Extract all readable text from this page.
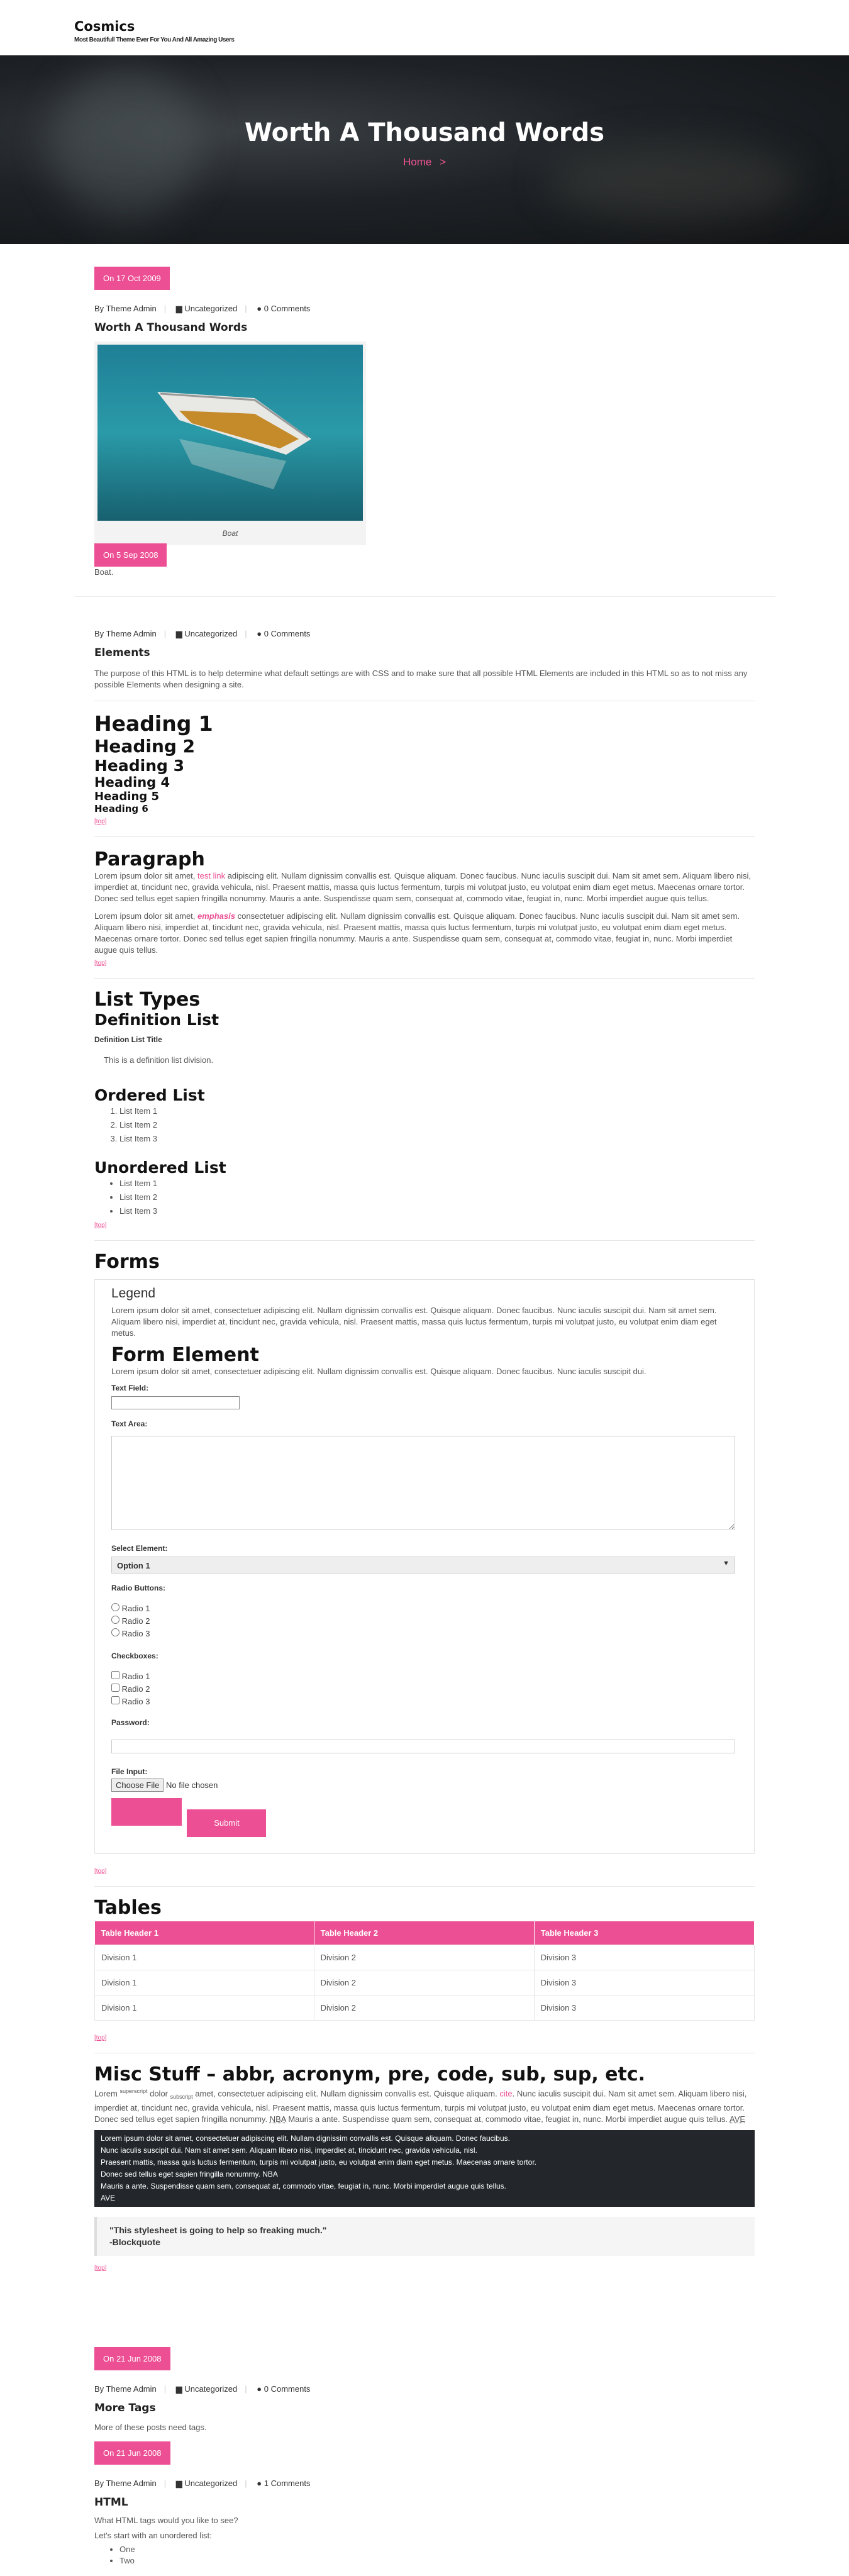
Cosmics
Most Beautifull Theme Ever For You And All Amazing Users
Worth A Thousand Words
Home >
On 17 Oct 2009
By Theme Admin | ▆ Uncategorized | ● 0 Comments
Worth A Thousand Words
Boat
On 5 Sep 2008
Boat.
By Theme Admin | ▆ Uncategorized | ● 0 Comments
Elements

The purpose of this HTML is to help determine what default settings are with CSS and to make sure that all possible HTML Elements are included in this HTML so as to not miss any possible Elements when designing a site.

Heading 1
Heading 2
Heading 3
Heading 4
Heading 5
Heading 6
[top]
Paragraph

Lorem ipsum dolor sit amet, test link adipiscing elit. Nullam dignissim convallis est. Quisque aliquam. Donec faucibus. Nunc iaculis suscipit dui. Nam sit amet sem. Aliquam libero nisi, imperdiet at, tincidunt nec, gravida vehicula, nisl. Praesent mattis, massa quis luctus fermentum, turpis mi volutpat justo, eu volutpat enim diam eget metus. Maecenas ornare tortor. Donec sed tellus eget sapien fringilla nonummy. Mauris a ante. Suspendisse quam sem, consequat at, commodo vitae, feugiat in, nunc. Morbi imperdiet augue quis tellus.

Lorem ipsum dolor sit amet, emphasis consectetuer adipiscing elit. Nullam dignissim convallis est. Quisque aliquam. Donec faucibus. Nunc iaculis suscipit dui. Nam sit amet sem. Aliquam libero nisi, imperdiet at, tincidunt nec, gravida vehicula, nisl. Praesent mattis, massa quis luctus fermentum, turpis mi volutpat justo, eu volutpat enim diam eget metus. Maecenas ornare tortor. Donec sed tellus eget sapien fringilla nonummy. Mauris a ante. Suspendisse quam sem, consequat at, commodo vitae, feugiat in, nunc. Morbi imperdiet augue quis tellus.

[top]
List Types
Definition List
Definition List Title
This is a definition list division.
Ordered List
1. List Item 1
2. List Item 2
3. List Item 3
Unordered List
• List Item 1
• List Item 2
• List Item 3
[top]
Forms
Legend

Lorem ipsum dolor sit amet, consectetuer adipiscing elit. Nullam dignissim convallis est. Quisque aliquam. Donec faucibus. Nunc iaculis suscipit dui. Nam sit amet sem. Aliquam libero nisi, imperdiet at, tincidunt nec, gravida vehicula, nisl. Praesent mattis, massa quis luctus fermentum, turpis mi volutpat justo, eu volutpat enim diam eget metus.

Form Element

Lorem ipsum dolor sit amet, consectetuer adipiscing elit. Nullam dignissim convallis est. Quisque aliquam. Donec faucibus. Nunc iaculis suscipit dui.

Text Field:
Text Area:
Select Element:
Option 1	▼
Radio Buttons:
Radio 1
Radio 2
Radio 3
Checkboxes:
Radio 1
Radio 2
Radio 3
Password:
File Input:
Choose File No file chosen
Submit
[top]
Tables
Table Header 1	Table Header 2	Table Header 3
Division 1	Division 2	Division 3
Division 1	Division 2	Division 3
Division 1	Division 2	Division 3
[top]
Misc Stuff – abbr, acronym, pre, code, sub, sup, etc.

Lorem $^{superscript}$ dolor $_{subscript}$ amet, consectetuer adipiscing elit. Nullam dignissim convallis est. Quisque aliquam. cite. Nunc iaculis suscipit dui. Nam sit amet sem. Aliquam libero nisi, imperdiet at, tincidunt nec, gravida vehicula, nisl. Praesent mattis, massa quis luctus fermentum, turpis mi volutpat justo, eu volutpat enim diam eget metus. Maecenas ornare tortor. Donec sed tellus eget sapien fringilla nonummy. NBA Mauris a ante. Suspendisse quam sem, consequat at, commodo vitae, feugiat in, nunc. Morbi imperdiet augue quis tellus. AVE

Lorem ipsum dolor sit amet, consectetuer adipiscing elit. Nullam dignissim convallis est. Quisque aliquam. Donec faucibus.
Nunc iaculis suscipit dui. Nam sit amet sem. Aliquam libero nisi, imperdiet at, tincidunt nec, gravida vehicula, nisl.
Praesent mattis, massa quis luctus fermentum, turpis mi volutpat justo, eu volutpat enim diam eget metus. Maecenas ornare tortor.
Donec sed tellus eget sapien fringilla nonummy. NBA
Mauris a ante. Suspendisse quam sem, consequat at, commodo vitae, feugiat in, nunc. Morbi imperdiet augue quis tellus.
AVE
"This stylesheet is going to help so freaking much."
-Blockquote
[top]
On 21 Jun 2008
By Theme Admin | ▆ Uncategorized | ● 0 Comments
More Tags

More of these posts need tags.

On 21 Jun 2008
By Theme Admin | ▆ Uncategorized | ● 1 Comments
HTML

What HTML tags would you like to see?

Let's start with an unordered list:

• One
• Two
